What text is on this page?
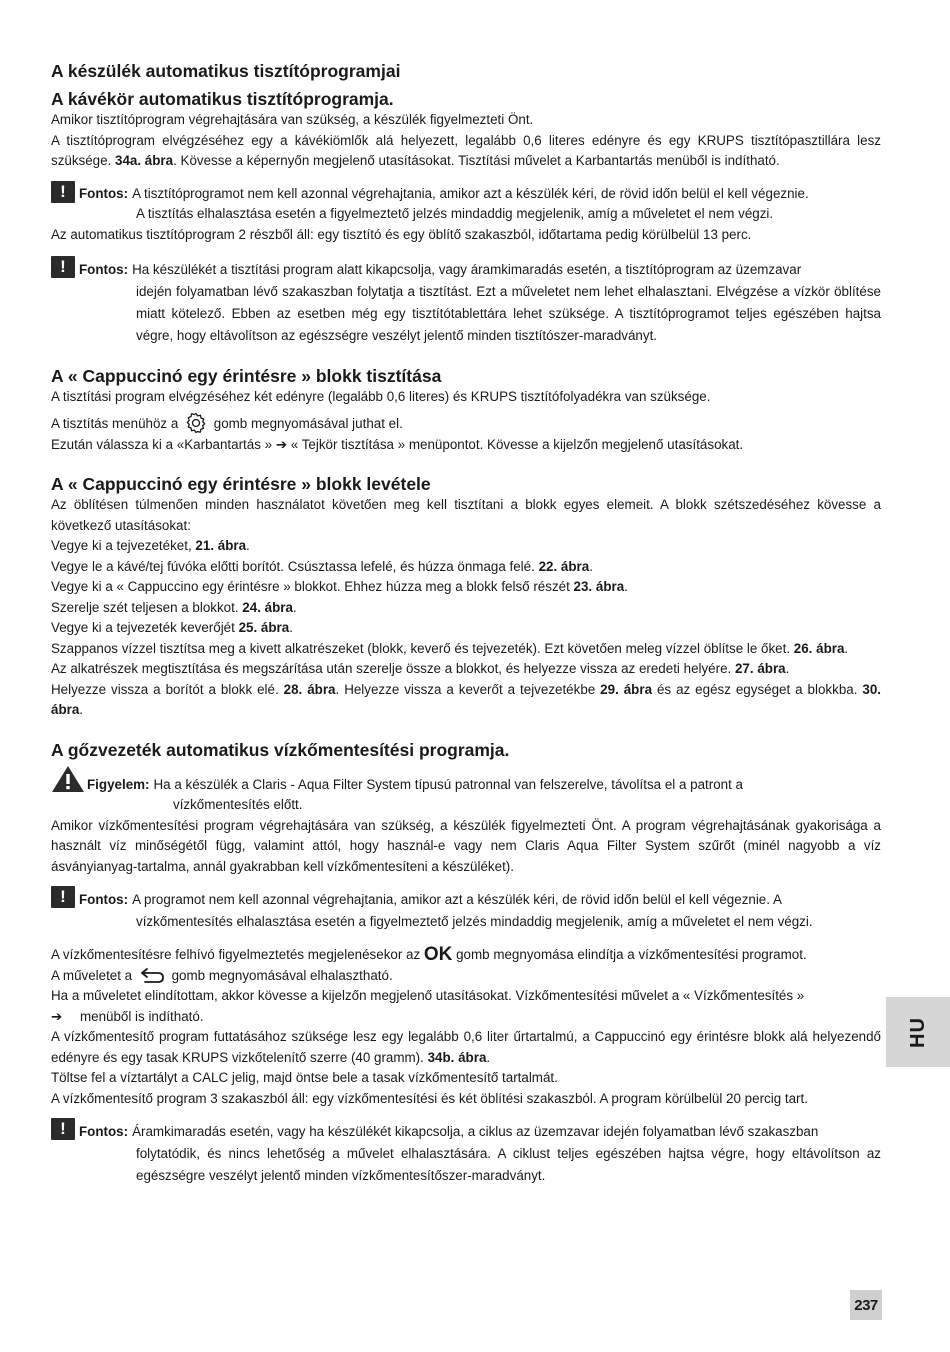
A készülék automatikus tisztítóprogramjai
A kávékör automatikus tisztítóprogramja.

Amikor tisztítóprogram végrehajtására van szükség, a készülék figyelmezteti Önt.

A tisztítóprogram elvégzéséhez egy a kávékiömlők alá helyezett, legalább 0,6 literes edényre és egy KRUPS tisztítópasztillára lesz szüksége. 34a. ábra. Kövesse a képernyőn megjelenő utasításokat. Tisztítási művelet a Karbantartás menüből is indítható.

! Fontos: A tisztítóprogramot nem kell azonnal végrehajtania, amikor azt a készülék kéri, de rövid időn belül el kell végeznie.
A tisztítás elhalasztása esetén a figyelmeztető jelzés mindaddig megjelenik, amíg a műveletet el nem végzi.

Az automatikus tisztítóprogram 2 részből áll: egy tisztító és egy öblítő szakaszból, időtartama pedig körülbelül 13 perc.

! Fontos: Ha készülékét a tisztítási program alatt kikapcsolja, vagy áramkimaradás esetén, a tisztítóprogram az üzemzavar
idején folyamatban lévő szakaszban folytatja a tisztítást. Ezt a műveletet nem lehet elhalasztani. Elvégzése a vízkör öblítése miatt kötelező. Ebben az esetben még egy tisztítótablettára lehet szüksége. A tisztítóprogramot teljes egészében hajtsa végre, hogy eltávolítson az egészségre veszélyt jelentő minden tisztítószer-maradványt.
A « Cappuccinó egy érintésre » blokk tisztítása

A tisztítási program elvégzéséhez két edényre (legalább 0,6 literes) és KRUPS tisztítófolyadékra van szüksége.

A tisztítás menühöz a	gomb megnyomásával juthat el.

Ezután válassza ki a «Karbantartás » ➔ « Tejkör tisztítása » menüpontot. Kövesse a kijelzőn megjelenő utasításokat.

A « Cappuccinó egy érintésre » blokk levétele

Az öblítésen túlmenően minden használatot követően meg kell tisztítani a blokk egyes elemeit. A blokk szétszedéséhez kövesse a következő utasításokat:

Vegye ki a tejvezetéket, 21. ábra.

Vegye le a kávé/tej fúvóka előtti borítót. Csúsztassa lefelé, és húzza önmaga felé. 22. ábra.

Vegye ki a « Cappuccino egy érintésre » blokkot. Ehhez húzza meg a blokk felső részét 23. ábra.

Szerelje szét teljesen a blokkot. 24. ábra.

Vegye ki a tejvezeték keverőjét 25. ábra.

Szappanos vízzel tisztítsa meg a kivett alkatrészeket (blokk, keverő és tejvezeték). Ezt követően meleg vízzel öblítse le őket. 26. ábra.

Az alkatrészek megtisztítása és megszárítása után szerelje össze a blokkot, és helyezze vissza az eredeti helyére. 27. ábra.

Helyezze vissza a borítót a blokk elé. 28. ábra. Helyezze vissza a keverőt a tejvezetékbe 29. ábra és az egész egységet a blokkba. 30. ábra.

A gőzvezeték automatikus vízkőmentesítési programja.
Figyelem: Ha a készülék a Claris - Aqua Filter System típusú patronnal van felszerelve, távolítsa el a patront a
vízkőmentesítés előtt.

Amikor vízkőmentesítési program végrehajtására van szükség, a készülék figyelmezteti Önt. A program végrehajtásának gyakorisága a használt víz minőségétől függ, valamint attól, hogy használ-e vagy nem Claris Aqua Filter System szűrőt (minél nagyobb a víz ásványianyag-tartalma, annál gyakrabban kell vízkőmentesíteni a készüléket).

! Fontos: A programot nem kell azonnal végrehajtania, amikor azt a készülék kéri, de rövid időn belül el kell végeznie. A
vízkőmentesítés elhalasztása esetén a figyelmeztető jelzés mindaddig megjelenik, amíg a műveletet el nem végzi.

A vízkőmentesítésre felhívó figyelmeztetés megjelenésekor az OK gomb megnyomása elindítja a vízkőmentesítési programot.

A műveletet a	gomb megnyomásával elhalasztható.

Ha a műveletet elindítottam, akkor kövesse a kijelzőn megjelenő utasításokat. Vízkőmentesítési művelet a « Vízkőmentesítés »

➔ menüből is indítható.

A vízkőmentesítő program futtatásához szüksége lesz egy legalább 0,6 liter űrtartalmú, a Cappuccinó egy érintésre blokk alá helyezendő edényre és egy tasak KRUPS vizkőtelenítő szerre (40 gramm). 34b. ábra.

Töltse fel a víztartályt a CALC jelig, majd öntse bele a tasak vízkőmentesítő tartalmát.

A vízkőmentesítő program 3 szakaszból áll: egy vízkőmentesítési és két öblítési szakaszból. A program körülbelül 20 percig tart.

! Fontos: Áramkimaradás esetén, vagy ha készülékét kikapcsolja, a ciklus az üzemzavar idején folyamatban lévő szakaszban
folytatódik, és nincs lehetőség a művelet elhalasztására. A ciklust teljes egészében hajtsa végre, hogy eltávolítson az egészségre veszélyt jelentő minden vízkőmentesítőszer-maradványt.
HU
237
